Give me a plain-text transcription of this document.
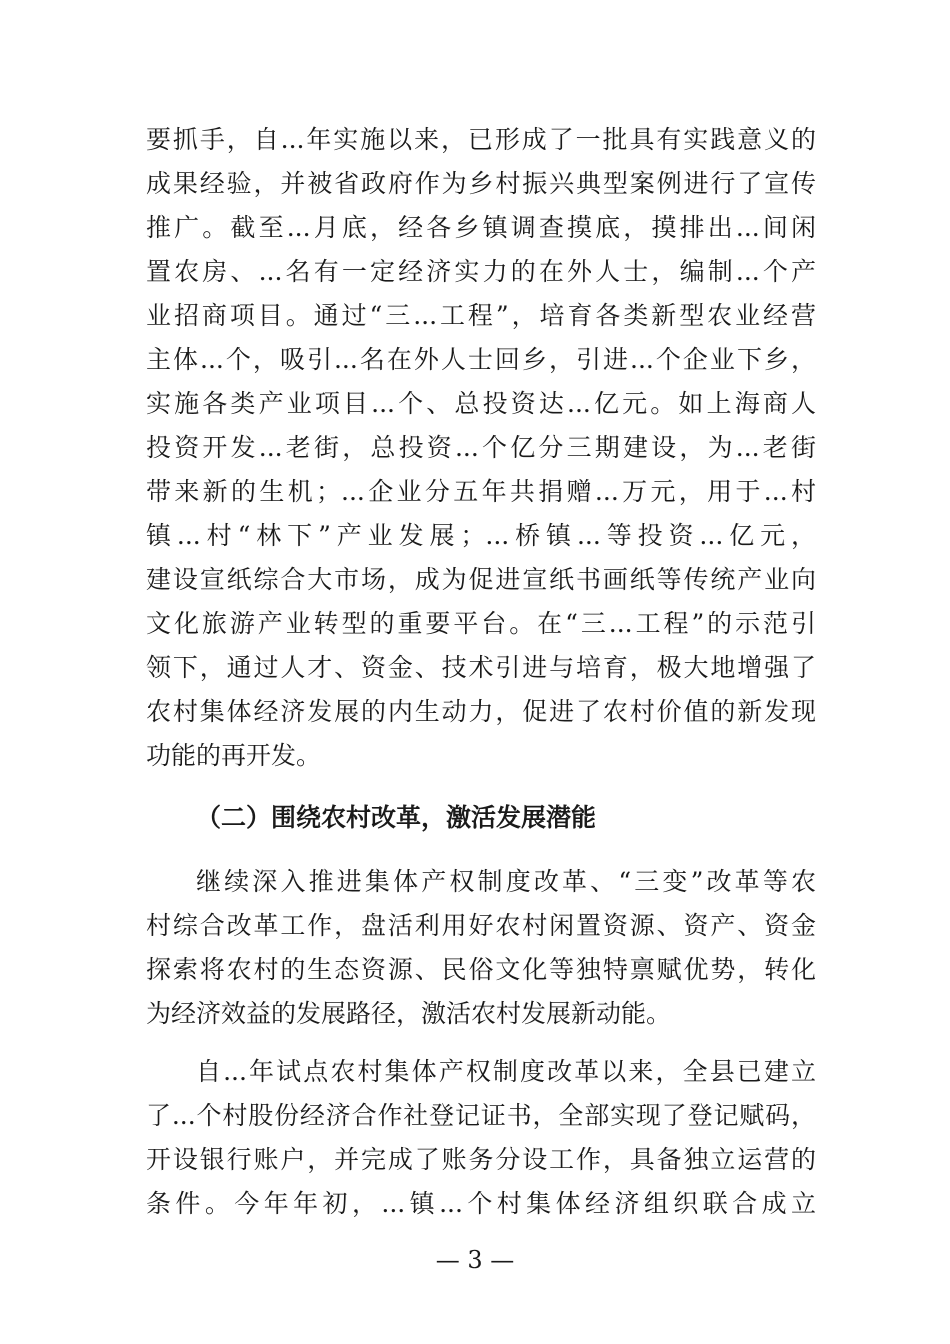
要抓手，自...年实施以来，已形成了一批具有实践意义的
成果经验，并被省政府作为乡村振兴典型案例进行了宣传
推广。截至...月底，经各乡镇调查摸底，摸排出...间闲
置农房、...名有一定经济实力的在外人士，编制...个产
业招商项目。通过“三...工程”，培育各类新型农业经营
主体...个，吸引...名在外人士回乡，引进...个企业下乡，
实施各类产业项目...个、总投资达...亿元。如上海商人
投资开发...老街，总投资...个亿分三期建设，为...老街
带来新的生机；...企业分五年共捐赠...万元，用于...村
镇...村“林下”产业发展；...桥镇...等投资...亿元，
建设宣纸综合大市场，成为促进宣纸书画纸等传统产业向
文化旅游产业转型的重要平台。在“三...工程”的示范引
领下，通过人才、资金、技术引进与培育，极大地增强了
农村集体经济发展的内生动力，促进了农村价值的新发现
功能的再开发。
（二）围绕农村改革，激活发展潜能
继续深入推进集体产权制度改革、“三变”改革等农
村综合改革工作，盘活利用好农村闲置资源、资产、资金
探索将农村的生态资源、民俗文化等独特禀赋优势，转化
为经济效益的发展路径，激活农村发展新动能。
自...年试点农村集体产权制度改革以来，全县已建立
了...个村股份经济合作社登记证书，全部实现了登记赋码，
开设银行账户，并完成了账务分设工作，具备独立运营的
条件。今年年初，...镇...个村集体经济组织联合成立
— 3 —
